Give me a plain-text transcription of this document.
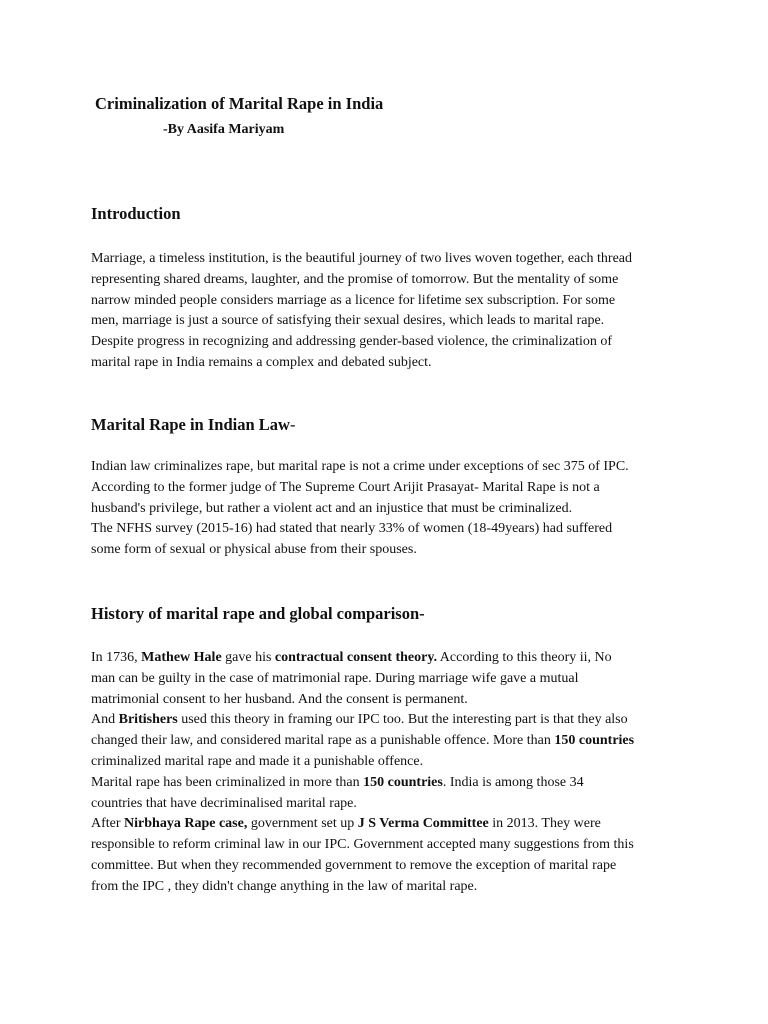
Criminalization of Marital Rape in India
-By Aasifa Mariyam
Introduction
Marriage, a timeless institution, is the beautiful journey of two lives woven together, each thread
representing shared dreams, laughter, and the promise of tomorrow. But the mentality of some
narrow minded people considers marriage as a licence for lifetime sex subscription. For some
men, marriage is just a source of satisfying their sexual desires, which leads to marital rape.
Despite progress in recognizing and addressing gender-based violence, the criminalization of
marital rape in India remains a complex and debated subject.
Marital Rape in Indian Law-
Indian law criminalizes rape, but marital rape is not a crime under exceptions of sec 375 of IPC.
According to the former judge of The Supreme Court Arijit Prasayat- Marital Rape is not a
husband's privilege, but rather a violent act and an injustice that must be criminalized.
The NFHS survey (2015-16) had stated that nearly 33% of women (18-49years) had suffered
some form of sexual or physical abuse from their spouses.
History of marital rape and global comparison-
In 1736, Mathew Hale gave his contractual consent theory. According to this theory ii, No
man can be guilty in the case of matrimonial rape. During marriage wife gave a mutual
matrimonial consent to her husband. And the consent is permanent.
And Britishers used this theory in framing our IPC too. But the interesting part is that they also
changed their law, and considered marital rape as a punishable offence. More than 150 countries
criminalized marital rape and made it a punishable offence.
Marital rape has been criminalized in more than 150 countries. India is among those 34
countries that have decriminalised marital rape.
After Nirbhaya Rape case, government set up J S Verma Committee in 2013. They were
responsible to reform criminal law in our IPC. Government accepted many suggestions from this
committee. But when they recommended government to remove the exception of marital rape
from the IPC , they didn't change anything in the law of marital rape.
